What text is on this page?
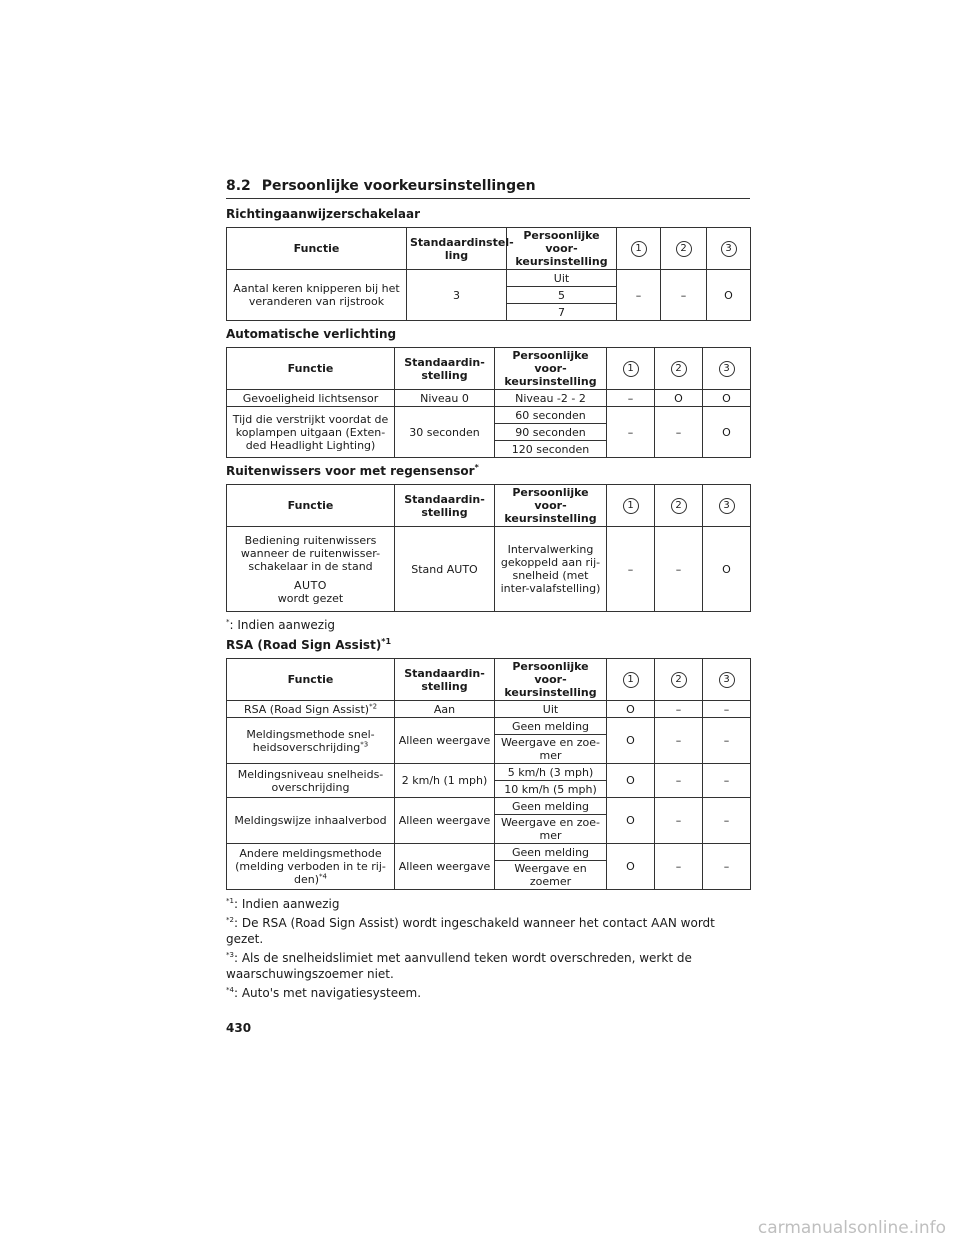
8.2 Persoonlijke voorkeursinstellingen
Richtingaanwijzerschakelaar
Functie	Standaardinstel-ling	Persoonlijke voor-keursinstelling	1	2	3
Aantal keren knipperen bij het veranderen van rijstrook	3	Uit	–	–	O
		5			
		7			
Automatische verlichting
Functie	Standaardin-stelling	Persoonlijke voor-keursinstelling	1	2	3
Gevoeligheid lichtsensor	Niveau 0	Niveau -2 - 2	–	O	O
Tijd die verstrijkt voordat de koplampen uitgaan (Exten-ded Headlight Lighting)	30 seconden	60 seconden	–	–	O
		90 seconden			
		120 seconden			
Ruitenwissers voor met regensensor*
Functie	Standaardin-stelling	Persoonlijke voor-keursinstelling	1	2	3
Bediening ruitenwissers wanneer de ruitenwisser-schakelaar in de stand
AUTO
wordt gezet	Stand AUTO	Intervalwerking gekoppeld aan rij-snelheid (met inter-valafstelling)	–	–	O
*: Indien aanwezig
RSA (Road Sign Assist)$^{*1}$
Functie	Standaardin-stelling	Persoonlijke voor-keursinstelling	1	2	3
RSA (Road Sign Assist)$^{*2}$	Aan	Uit	O	–	–
Meldingsmethode snel-heidsoverschrijding$^{*3}$	Alleen weergave	Geen melding	O	–	–
		Weergave en zoe-mer			
Meldingsniveau snelheids-overschrijding	2 km/h (1 mph)	5 km/h (3 mph)	O	–	–
		10 km/h (5 mph)			
Meldingswijze inhaalverbod	Alleen weergave	Geen melding	O	–	–
		Weergave en zoe-mer			
Andere meldingsmethode (melding verboden in te rij-den)$^{*4}$	Alleen weergave	Geen melding	O	–	–
		Weergave en zoemer			
$^{*1}$: Indien aanwezig
$^{*2}$: De RSA (Road Sign Assist) wordt ingeschakeld wanneer het contact AAN wordt gezet.
$^{*3}$: Als de snelheidslimiet met aanvullend teken wordt overschreden, werkt de waarschuwingszoemer niet.
$^{*4}$: Auto's met navigatiesysteem.
430
carmanualsonline.info
